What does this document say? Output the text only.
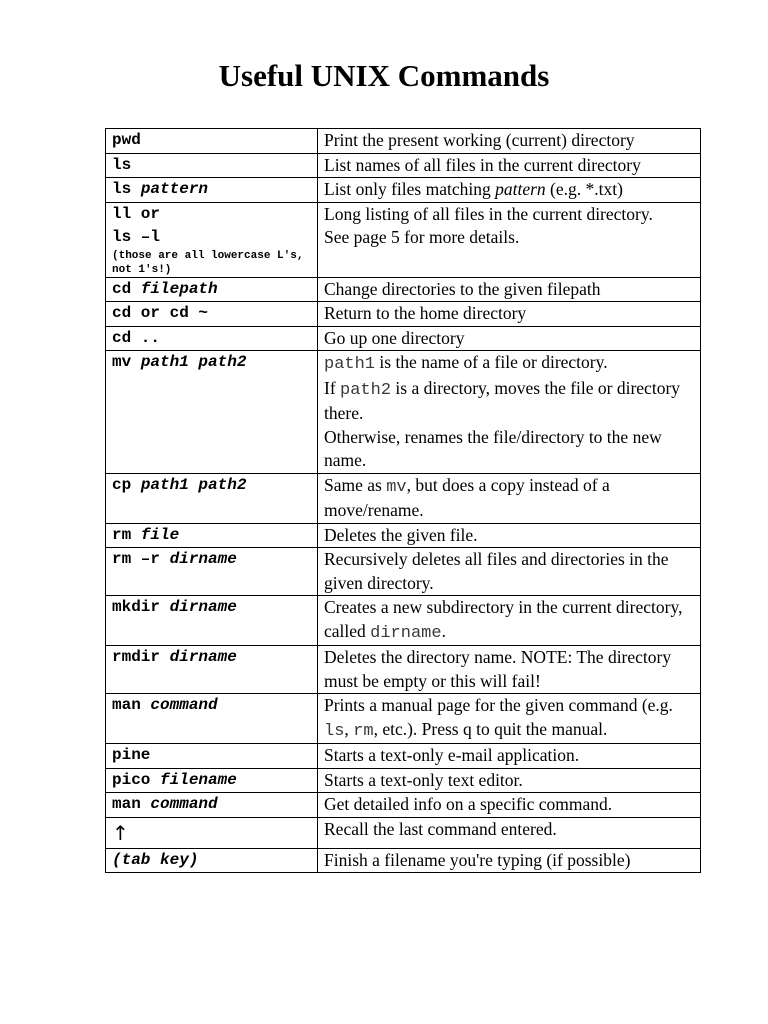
Useful UNIX Commands
pwd	Print the present working (current) directory
ls	List names of all files in the current directory
ls pattern	List only files matching pattern (e.g. *.txt)

ll or
ls –l
(those are all lowercase L's, not 1's!)	Long listing of all files in the current directory.
See page 5 for more details.

cd filepath	Change directories to the given filepath
cd or cd ~	Return to the home directory
cd ..	Go up one directory
mv path1 path2	path1 is the name of a file or directory.
If path2 is a directory, moves the file or directory there.
Otherwise, renames the file/directory to the new name.

cp path1 path2	Same as mv, but does a copy instead of a move/rename.
rm file	Deletes the given file.
rm –r dirname	Recursively deletes all files and directories in the given directory.
mkdir dirname	Creates a new subdirectory in the current directory, called dirname.
rmdir dirname	Deletes the directory name. NOTE: The directory must be empty or this will fail!
man command	Prints a manual page for the given command (e.g. ls, rm, etc.). Press q to quit the manual.
pine	Starts a text-only e-mail application.
pico filename	Starts a text-only text editor.
man command	Get detailed info on a specific command.
↑	Recall the last command entered.
(tab key)	Finish a filename you're typing (if possible)
